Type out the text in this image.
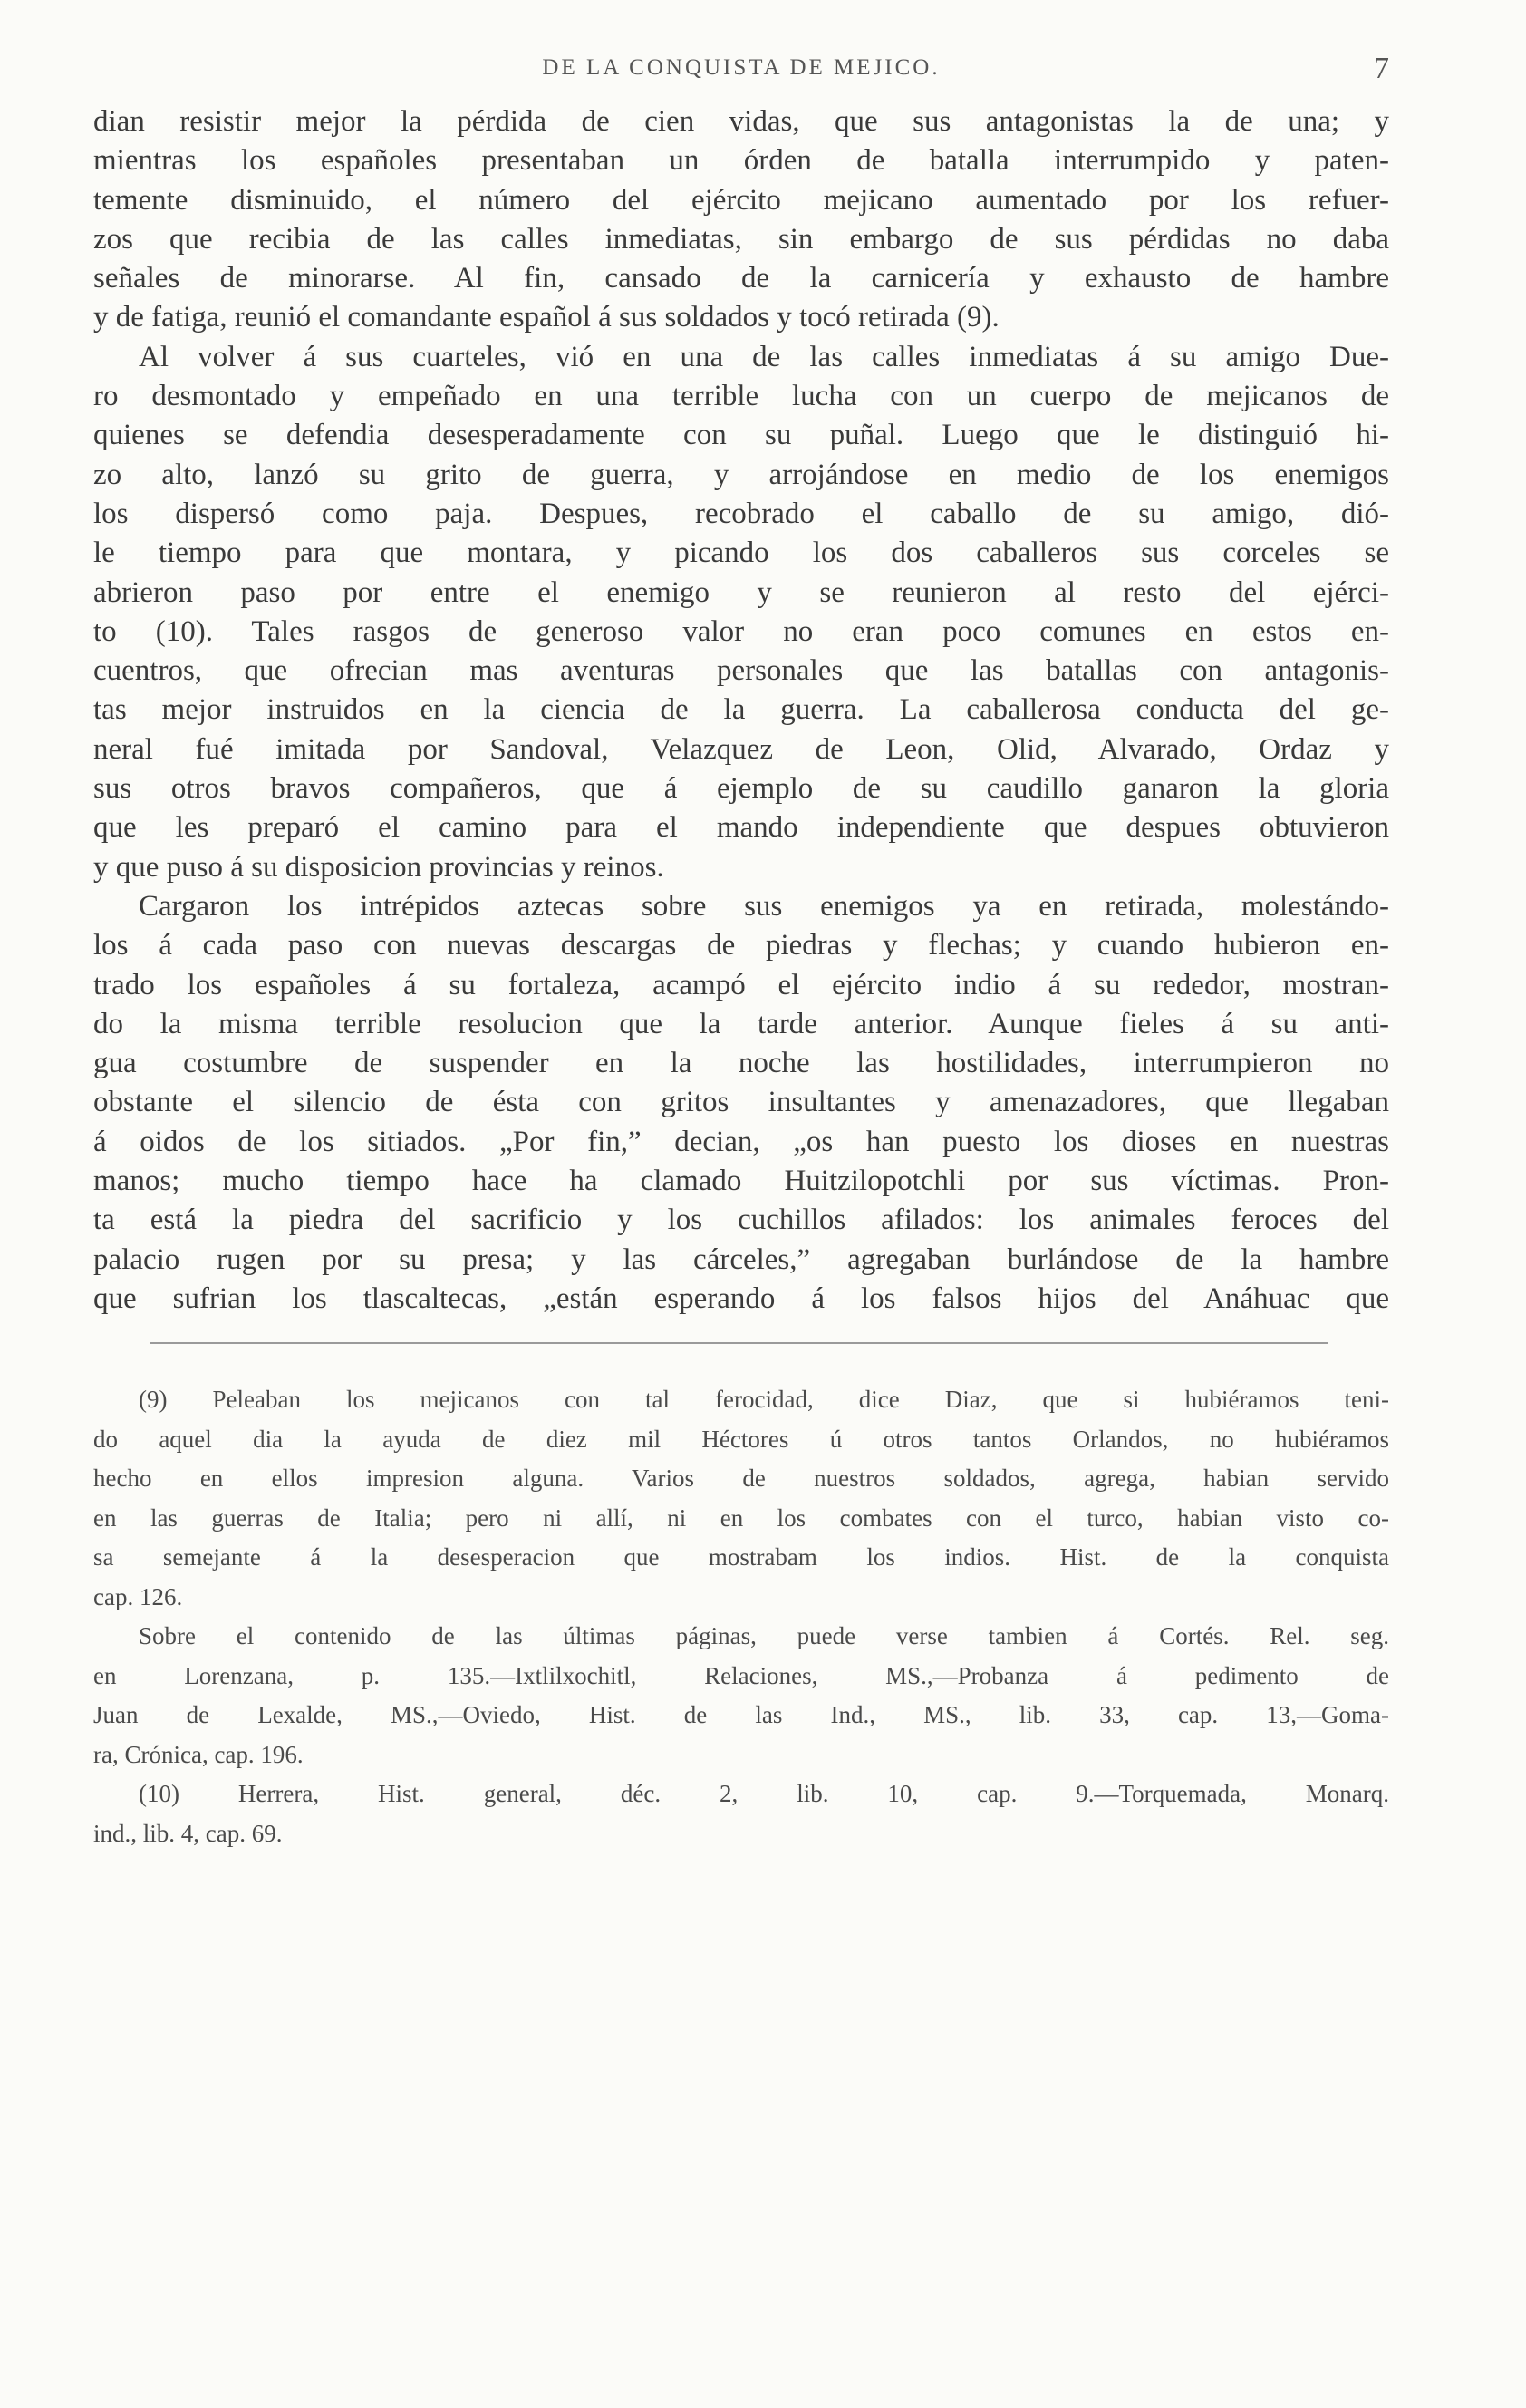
DE LA CONQUISTA DE MEJICO.	7
dian resistir mejor la pérdida de cien vidas, que sus antagonistas la de una; y
mientras los españoles presentaban un órden de batalla interrumpido y paten-
temente disminuido, el número del ejército mejicano aumentado por los refuer-
zos que recibia de las calles inmediatas, sin embargo de sus pérdidas no daba
señales de minorarse. Al fin, cansado de la carnicería y exhausto de hambre
y de fatiga, reunió el comandante español á sus soldados y tocó retirada (9).
Al volver á sus cuarteles, vió en una de las calles inmediatas á su amigo Due-
ro desmontado y empeñado en una terrible lucha con un cuerpo de mejicanos de
quienes se defendia desesperadamente con su puñal. Luego que le distinguió hi-
zo alto, lanzó su grito de guerra, y arrojándose en medio de los enemigos
los dispersó como paja. Despues, recobrado el caballo de su amigo, dió-
le tiempo para que montara, y picando los dos caballeros sus corceles se
abrieron paso por entre el enemigo y se reunieron al resto del ejérci-
to (10). Tales rasgos de generoso valor no eran poco comunes en estos en-
cuentros, que ofrecian mas aventuras personales que las batallas con antagonis-
tas mejor instruidos en la ciencia de la guerra. La caballerosa conducta del ge-
neral fué imitada por Sandoval, Velazquez de Leon, Olid, Alvarado, Ordaz y
sus otros bravos compañeros, que á ejemplo de su caudillo ganaron la gloria
que les preparó el camino para el mando independiente que despues obtuvieron
y que puso á su disposicion provincias y reinos.
Cargaron los intrépidos aztecas sobre sus enemigos ya en retirada, molestándo-
los á cada paso con nuevas descargas de piedras y flechas; y cuando hubieron en-
trado los españoles á su fortaleza, acampó el ejército indio á su rededor, mostran-
do la misma terrible resolucion que la tarde anterior. Aunque fieles á su anti-
gua costumbre de suspender en la noche las hostilidades, interrumpieron no
obstante el silencio de ésta con gritos insultantes y amenazadores, que llegaban
á oidos de los sitiados. „Por fin,” decian, „os han puesto los dioses en nuestras
manos; mucho tiempo hace ha clamado Huitzilopotchli por sus víctimas. Pron-
ta está la piedra del sacrificio y los cuchillos afilados: los animales feroces del
palacio rugen por su presa; y las cárceles,” agregaban burlándose de la hambre
que sufrian los tlascaltecas, „están esperando á los falsos hijos del Anáhuac que
(9) Peleaban los mejicanos con tal ferocidad, dice Diaz, que si hubiéramos teni-
do aquel dia la ayuda de diez mil Héctores ú otros tantos Orlandos, no hubiéramos
hecho en ellos impresion alguna. Varios de nuestros soldados, agrega, habian servido
en las guerras de Italia; pero ni allí, ni en los combates con el turco, habian visto co-
sa semejante á la desesperacion que mostrabam los indios. Hist. de la conquista
cap. 126.
Sobre el contenido de las últimas páginas, puede verse tambien á Cortés. Rel. seg.
en Lorenzana, p. 135.—Ixtlilxochitl, Relaciones, MS.,—Probanza á pedimento de
Juan de Lexalde, MS.,—Oviedo, Hist. de las Ind., MS., lib. 33, cap. 13,—Goma-
ra, Crónica, cap. 196.
(10) Herrera, Hist. general, déc. 2, lib. 10, cap. 9.—Torquemada, Monarq.
ind., lib. 4, cap. 69.
